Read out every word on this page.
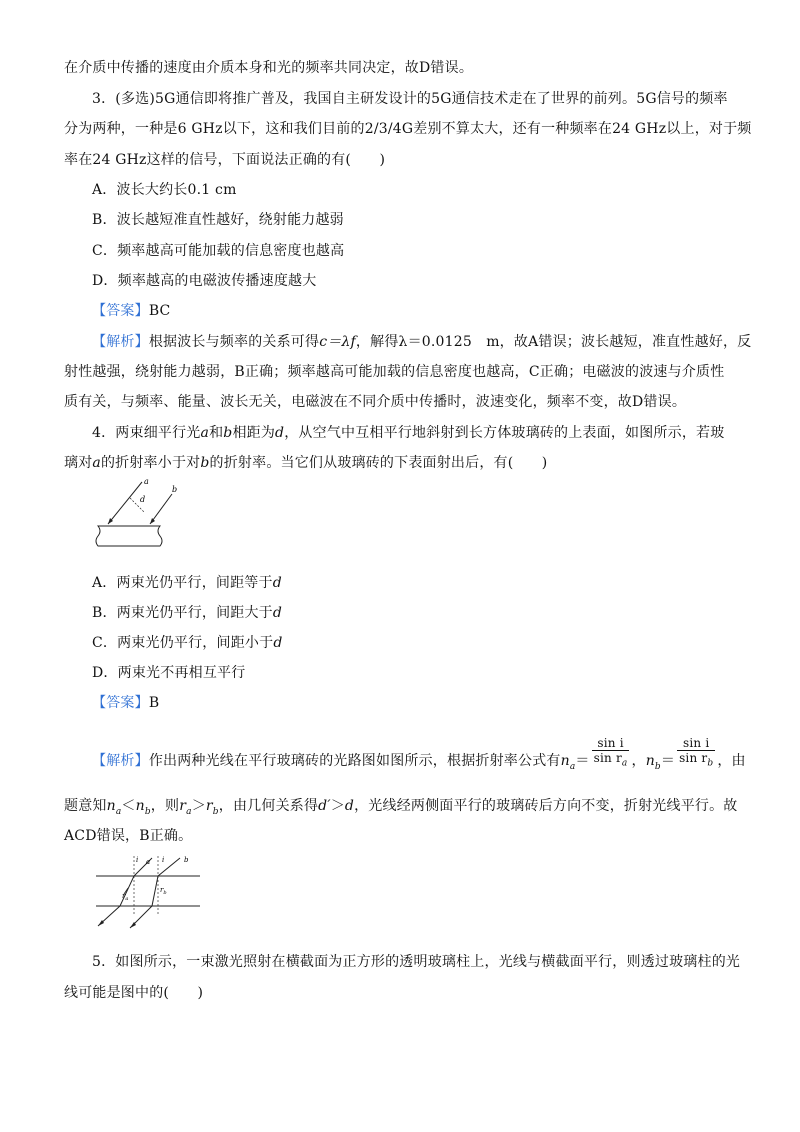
在介质中传播的速度由介质本身和光的频率共同决定，故D错误。
3．(多选)5G通信即将推广普及，我国自主研发设计的5G通信技术走在了世界的前列。5G信号的频率
分为两种，一种是6 GHz以下，这和我们目前的2/3/4G差别不算太大，还有一种频率在24 GHz以上，对于频
率在24 GHz这样的信号，下面说法正确的有(　　)
A．波长大约长0.1 cm
B．波长越短准直性越好，绕射能力越弱
C．频率越高可能加载的信息密度也越高
D．频率越高的电磁波传播速度越大
【答案】BC
【解析】根据波长与频率的关系可得c＝λf，解得λ＝0.0125　m，故A错误；波长越短，准直性越好，反
射性越强，绕射能力越弱，B正确；频率越高可能加载的信息密度也越高，C正确；电磁波的波速与介质性
质有关，与频率、能量、波长无关，电磁波在不同介质中传播时，波速变化，频率不变，故D错误。
4．两束细平行光a和b相距为d，从空气中互相平行地斜射到长方体玻璃砖的上表面，如图所示，若玻
璃对a的折射率小于对b的折射率。当它们从玻璃砖的下表面射出后，有(　　)
a
b
d
A．两束光仍平行，间距等于d
B．两束光仍平行，间距大于d
C．两束光仍平行，间距小于d
D．两束光不再相互平行
【答案】B
【解析】作出两种光线在平行玻璃砖的光路图如图所示，根据折射率公式有$n_a= \frac{\text{sin i}}{\sin r_a}$ ，$n_b= \frac{\text{sin i}}{\sin r_b}$ ，由
题意知$n_a<n_b$，则$r_a>r_b$，由几何关系得d′＞d，光线经两侧面平行的玻璃砖后方向不变，折射光线平行。故
ACD错误，B正确。
i a i	b
$r_a$
$r_b$
5．如图所示，一束激光照射在横截面为正方形的透明玻璃柱上，光线与横截面平行，则透过玻璃柱的光
线可能是图中的(　　)
